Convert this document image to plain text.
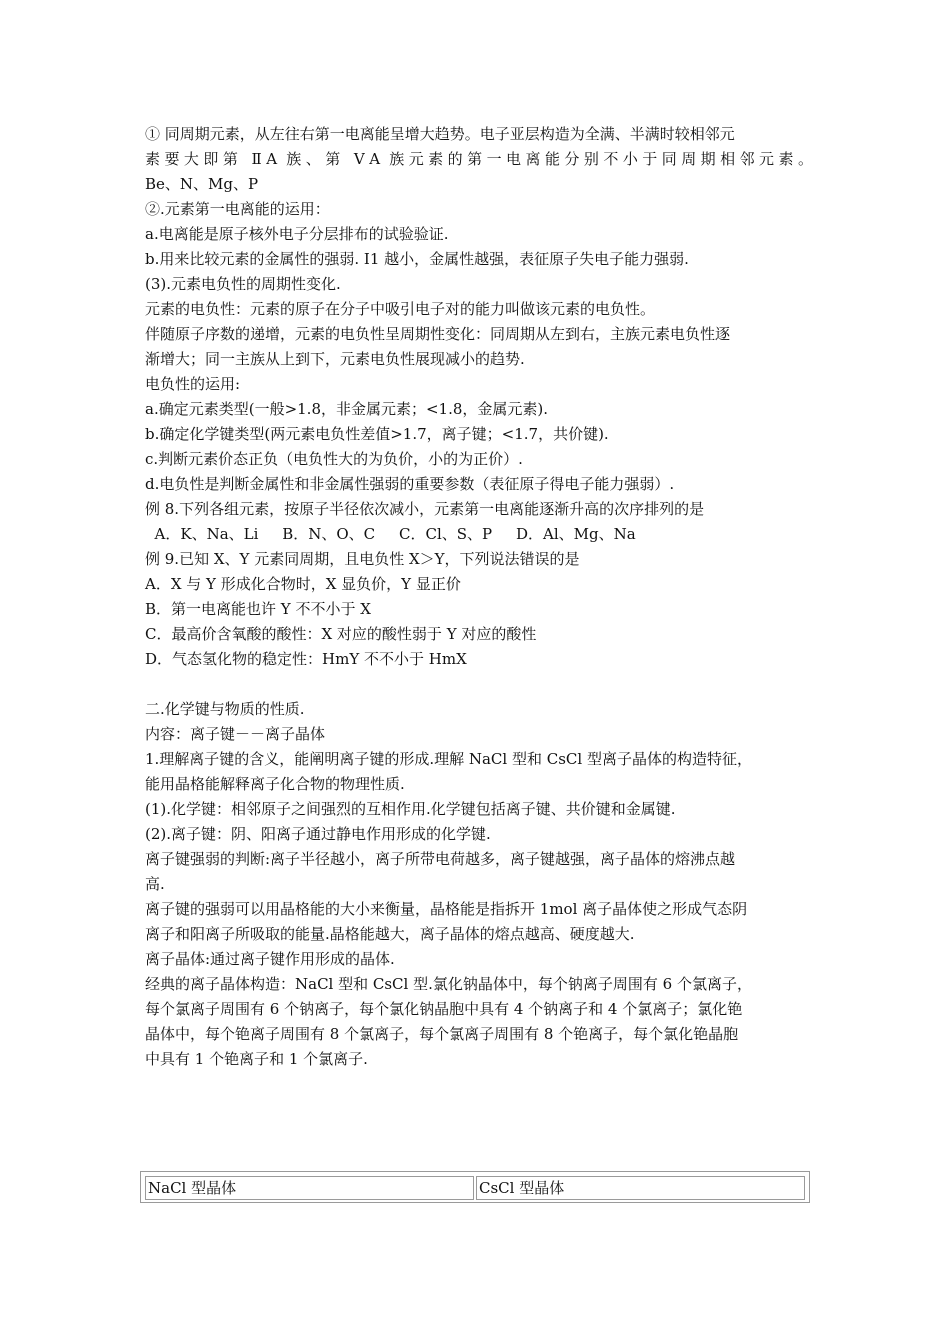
① 同周期元素，从左往右第一电离能呈增大趋势。电子亚层构造为全满、半满时较相邻元
素要大即第 ⅡA 族、第 ⅤA 族元素的第一电离能分别不小于同周期相邻元素。
Be、N、Mg、P
②.元素第一电离能的运用：
a.电离能是原子核外电子分层排布的试验验证.
b.用来比较元素的金属性的强弱. I1 越小，金属性越强，表征原子失电子能力强弱.
(3).元素电负性的周期性变化.
元素的电负性：元素的原子在分子中吸引电子对的能力叫做该元素的电负性。
伴随原子序数的递增，元素的电负性呈周期性变化：同周期从左到右，主族元素电负性逐
渐增大；同一主族从上到下，元素电负性展现减小的趋势.
电负性的运用:
a.确定元素类型(一般>1.8，非金属元素；<1.8，金属元素).
b.确定化学键类型(两元素电负性差值>1.7，离子键；<1.7，共价键).
c.判断元素价态正负（电负性大的为负价，小的为正价）.
d.电负性是判断金属性和非金属性强弱的重要参数（表征原子得电子能力强弱）.
例 8.下列各组元素，按原子半径依次减小，元素第一电离能逐渐升高的次序排列的是
A．K、Na、Li     B．N、O、C     C．Cl、S、P     D．Al、Mg、Na
例 9.已知 X、Y 元素同周期，且电负性 X＞Y，下列说法错误的是
A．X 与 Y 形成化合物时，X 显负价，Y 显正价
B．第一电离能也许 Y 不不小于 X
C．最高价含氧酸的酸性：X 对应的酸性弱于 Y 对应的酸性
D．气态氢化物的稳定性：HmY 不不小于 HmX
二.化学键与物质的性质.
内容：离子键－－离子晶体
1.理解离子键的含义，能阐明离子键的形成.理解 NaCl 型和 CsCl 型离子晶体的构造特征，
能用晶格能解释离子化合物的物理性质.
(1).化学键：相邻原子之间强烈的互相作用.化学键包括离子键、共价键和金属键.
(2).离子键：阴、阳离子通过静电作用形成的化学键.
离子键强弱的判断:离子半径越小，离子所带电荷越多，离子键越强，离子晶体的熔沸点越
高.
离子键的强弱可以用晶格能的大小来衡量，晶格能是指拆开 1mol 离子晶体使之形成气态阴
离子和阳离子所吸取的能量.晶格能越大，离子晶体的熔点越高、硬度越大.
离子晶体:通过离子键作用形成的晶体.
经典的离子晶体构造：NaCl 型和 CsCl 型.氯化钠晶体中，每个钠离子周围有 6 个氯离子，
每个氯离子周围有 6 个钠离子，每个氯化钠晶胞中具有 4 个钠离子和 4 个氯离子；氯化铯
晶体中，每个铯离子周围有 8 个氯离子，每个氯离子周围有 8 个铯离子，每个氯化铯晶胞
中具有 1 个铯离子和 1 个氯离子.
NaCl 型晶体	CsCl 型晶体
